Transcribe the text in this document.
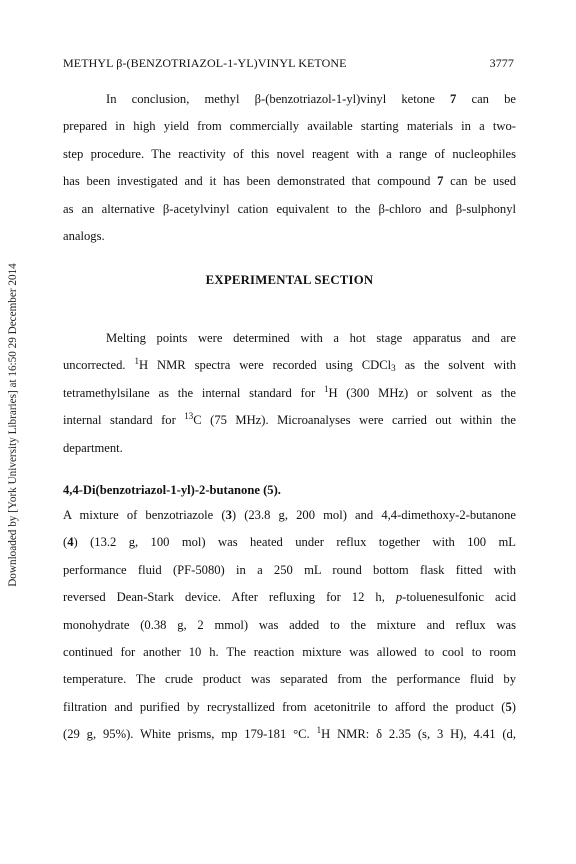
Downloaded by [York University Libraries] at 16:50 29 December 2014
METHYL β-(BENZOTRIAZOL-1-YL)VINYL KETONE	3777
In conclusion, methyl β-(benzotriazol-1-yl)vinyl ketone 7 can be
prepared in high yield from commercially available starting materials in a two-
step procedure. The reactivity of this novel reagent with a range of nucleophiles
has been investigated and it has been demonstrated that compound 7 can be used
as an alternative β-acetylvinyl cation equivalent to the β-chloro and β-sulphonyl
analogs.
EXPERIMENTAL SECTION
Melting points were determined with a hot stage apparatus and are
uncorrected. $^1$H NMR spectra were recorded using CDCl$_3$ as the solvent with
tetramethylsilane as the internal standard for $^1$H (300 MHz) or solvent as the
internal standard for $^{13}$C (75 MHz). Microanalyses were carried out within the
department.
4,4-Di(benzotriazol-1-yl)-2-butanone (5).
A mixture of benzotriazole (3) (23.8 g, 200 mol) and 4,4-dimethoxy-2-butanone
(4) (13.2 g, 100 mol) was heated under reflux together with 100 mL
performance fluid (PF-5080) in a 250 mL round bottom flask fitted with
reversed Dean-Stark device. After refluxing for 12 h, p-toluenesulfonic acid
monohydrate (0.38 g, 2 mmol) was added to the mixture and reflux was
continued for another 10 h. The reaction mixture was allowed to cool to room
temperature. The crude product was separated from the performance fluid by
filtration and purified by recrystallized from acetonitrile to afford the product (5)
(29 g, 95%). White prisms, mp 179-181 °C. $^1$H NMR: δ 2.35 (s, 3 H), 4.41 (d,
